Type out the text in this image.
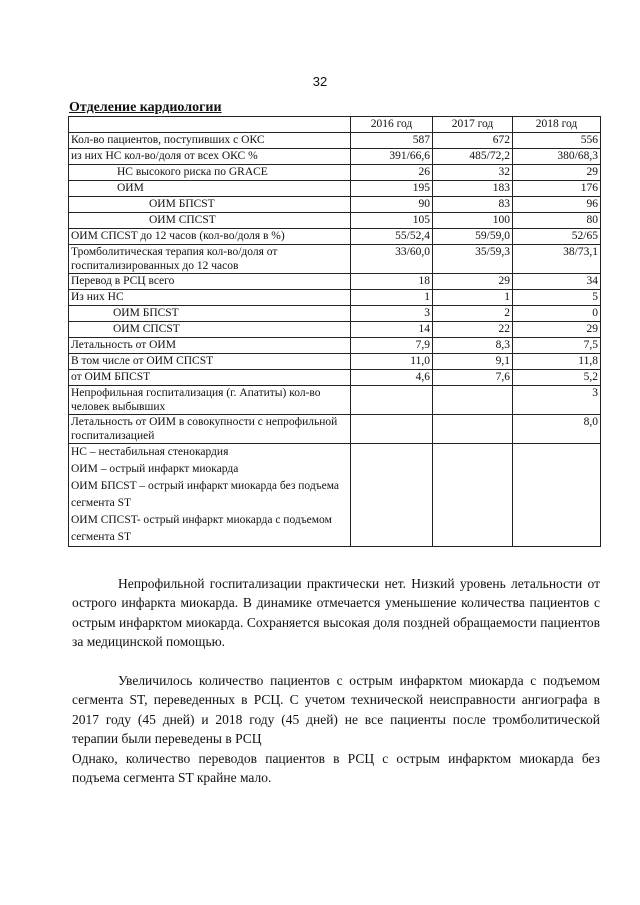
32
Отделение кардиологии
	2016 год	2017 год	2018 год
Кол-во пациентов, поступивших с ОКС	587	672	556
из них НС кол-во/доля от всех ОКС %	391/66,6	485/72,2	380/68,3
НС высокого риска по GRACE	26	32	29
ОИМ	195	183	176
ОИМ БПСST	90	83	96
ОИМ СПСST	105	100	80
ОИМ СПСST до 12 часов (кол-во/доля в %)	55/52,4	59/59,0	52/65
Тромболитическая терапия кол-во/доля от госпитализированных до 12 часов	33/60,0	35/59,3	38/73,1
Перевод в РСЦ всего	18	29	34
Из них НС	1	1	5
ОИМ БПСST	3	2	0
ОИМ СПСST	14	22	29
Летальность от ОИМ	7,9	8,3	7,5
В том числе от ОИМ СПСST	11,0	9,1	11,8
от ОИМ БПСST	4,6	7,6	5,2
Непрофильная госпитализация (г. Апатиты) кол-во человек выбывших			3
Летальность от ОИМ в совокупности с непрофильной госпитализацией			8,0

НС – нестабильная стенокардия
ОИМ – острый инфаркт миокарда
ОИМ БПСST – острый инфаркт миокарда без подъема сегмента ST
ОИМ СПСST- острый инфаркт миокарда с подъемом сегмента ST			

Непрофильной госпитализации практически нет. Низкий уровень летальности от острого инфаркта миокарда. В динамике отмечается уменьшение количества пациентов с острым инфарктом миокарда. Сохраняется высокая доля поздней обращаемости пациентов за медицинской помощью.

Увеличилось количество пациентов с острым инфарктом миокарда с подъемом сегмента ST, переведенных в РСЦ. С учетом технической неисправности ангиографа в 2017 году (45 дней) и 2018 году (45 дней) не все пациенты после тромболитической терапии были переведены в РСЦ

Однако, количество переводов пациентов в РСЦ с острым инфарктом миокарда без подъема сегмента ST крайне мало.
